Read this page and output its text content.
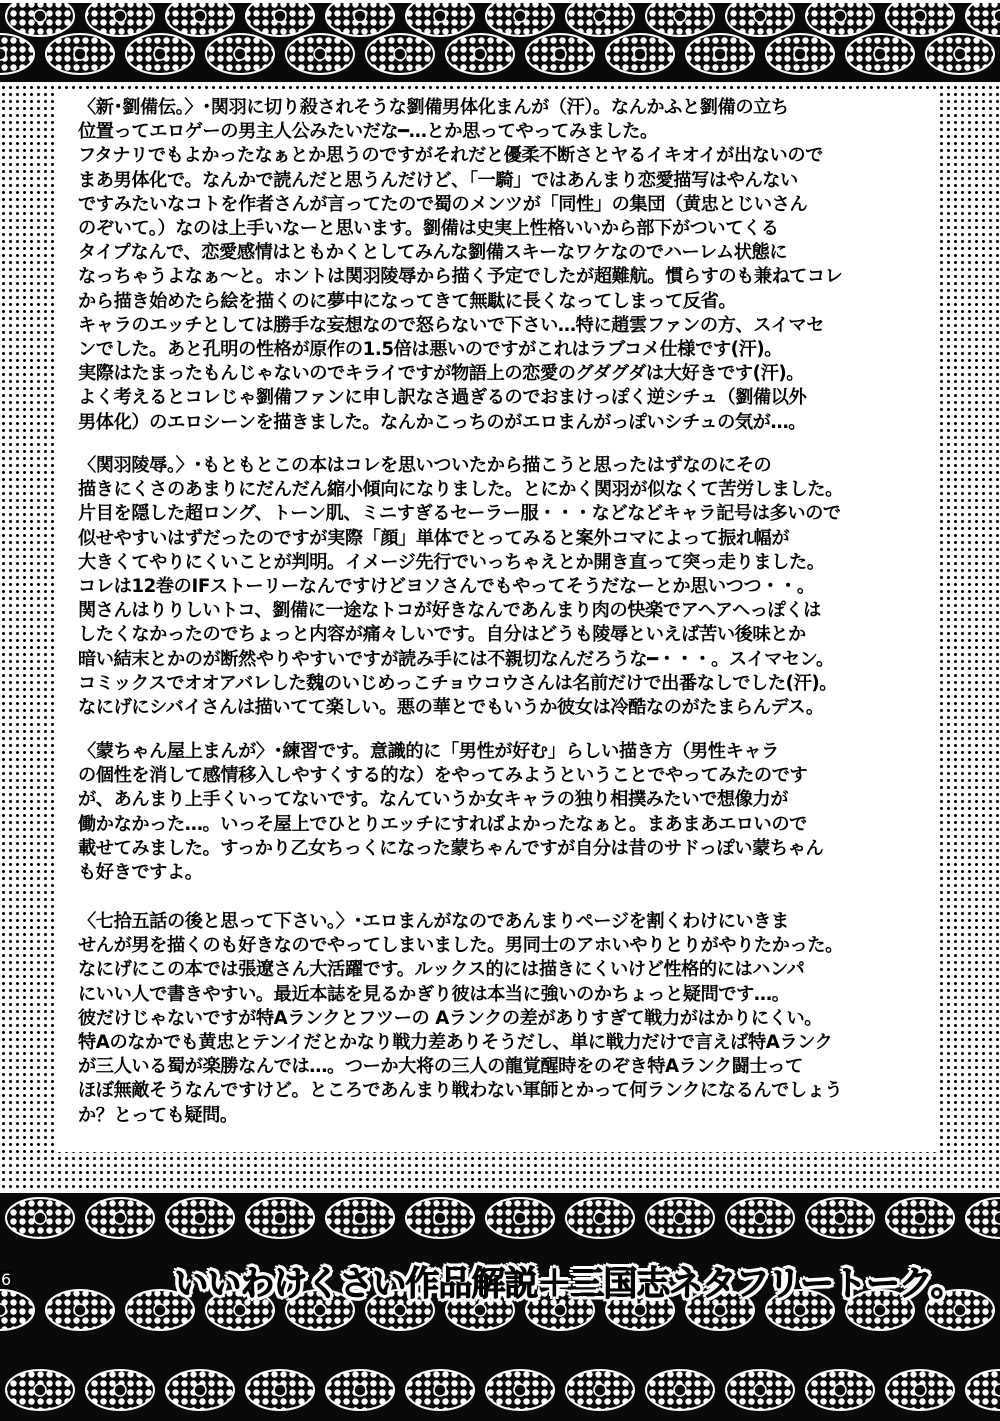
〈新･劉備伝。〉･関羽に切り殺されそうな劉備男体化まんが（汗）。なんかふと劉備の立ち

位置ってエロゲーの男主人公みたいだな━…とか思ってやってみました。

フタナリでもよかったなぁとか思うのですがそれだと優柔不断さとヤるイキオイが出ないので

まあ男体化で。なんかで読んだと思うんだけど、「一騎」ではあんまり恋愛描写はやんない

ですみたいなコトを作者さんが言ってたので蜀のメンツが「同性」の集団（黄忠とじいさん

のぞいて。）なのは上手いなーと思います。劉備は史実上性格いいから部下がついてくる

タイプなんで、恋愛感情はともかくとしてみんな劉備スキーなワケなのでハーレム状態に

なっちゃうよなぁ～と。ホントは関羽陵辱から描く予定でしたが超難航。慣らすのも兼ねてコレ

から描き始めたら絵を描くのに夢中になってきて無駄に長くなってしまって反省。

キャラのエッチとしては勝手な妄想なので怒らないで下さい…特に趙雲ファンの方、スイマセ

ンでした。あと孔明の性格が原作の1.5倍は悪いのですがこれはラブコメ仕様です(汗)。

実際はたまったもんじゃないのでキライですが物語上の恋愛のグダグダは大好きです(汗)。

よく考えるとコレじゃ劉備ファンに申し訳なさ過ぎるのでおまけっぽく逆シチュ（劉備以外

男体化）のエロシーンを描きました。なんかこっちのがエロまんがっぽいシチュの気が…。

〈関羽陵辱。〉･もともとこの本はコレを思いついたから描こうと思ったはずなのにその

描きにくさのあまりにだんだん縮小傾向になりました。とにかく関羽が似なくて苦労しました。

片目を隠した超ロング、トーン肌、ミニすぎるセーラー服・・・などなどキャラ記号は多いので

似せやすいはずだったのですが実際「顔」単体でとってみると案外コマによって振れ幅が

大きくてやりにくいことが判明。イメージ先行でいっちゃえとか開き直って突っ走りました。

コレは12巻のIFストーリーなんですけどヨソさんでもやってそうだなーとか思いつつ・・。

関さんはりりしいトコ、劉備に一途なトコが好きなんであんまり肉の快楽でアヘアヘっぽくは

したくなかったのでちょっと内容が痛々しいです。自分はどうも陵辱といえば苦い後味とか

暗い結末とかのが断然やりやすいですが読み手には不親切なんだろうな━・・・。スイマセン。

コミックスでオオアバレした魏のいじめっこチョウコウさんは名前だけで出番なしでした(汗)。

なにげにシバイさんは描いてて楽しい。悪の華とでもいうか彼女は冷酷なのがたまらんデス。

〈蒙ちゃん屋上まんが〉･練習です。意識的に「男性が好む」らしい描き方（男性キャラ

の個性を消して感情移入しやすくする的な）をやってみようということでやってみたのです

が、あんまり上手くいってないです。なんていうか女キャラの独り相撲みたいで想像力が

働かなかった…。いっそ屋上でひとりエッチにすればよかったなぁと。まあまあエロいので

載せてみました。すっかり乙女ちっくになった蒙ちゃんですが自分は昔のサドっぽい蒙ちゃん

も好きですよ。

〈七拾五話の後と思って下さい。〉･エロまんがなのであんまりページを割くわけにいきま

せんが男を描くのも好きなのでやってしまいました。男同士のアホいやりとりがやりたかった。

なにげにこの本では張遼さん大活躍です。ルックス的には描きにくいけど性格的にはハンパ

にいい人で書きやすい。最近本誌を見るかぎり彼は本当に強いのかちょっと疑問です…。

彼だけじゃないですが特Aランクとフツーの Aランクの差がありすぎて戦力がはかりにくい。

特Aのなかでも黄忠とテンイだとかなり戦力差ありそうだし、単に戦力だけで言えば特Aランク

が三人いる蜀が楽勝なんでは…。つーか大将の三人の龍覚醒時をのぞき特Aランク闘士って

ほぼ無敵そうなんですけど。ところであんまり戦わない軍師とかって何ランクになるんでしょう

か？とっても疑問。

いいわけくさい作品解説＋三国志ネタフリートーク。
6
